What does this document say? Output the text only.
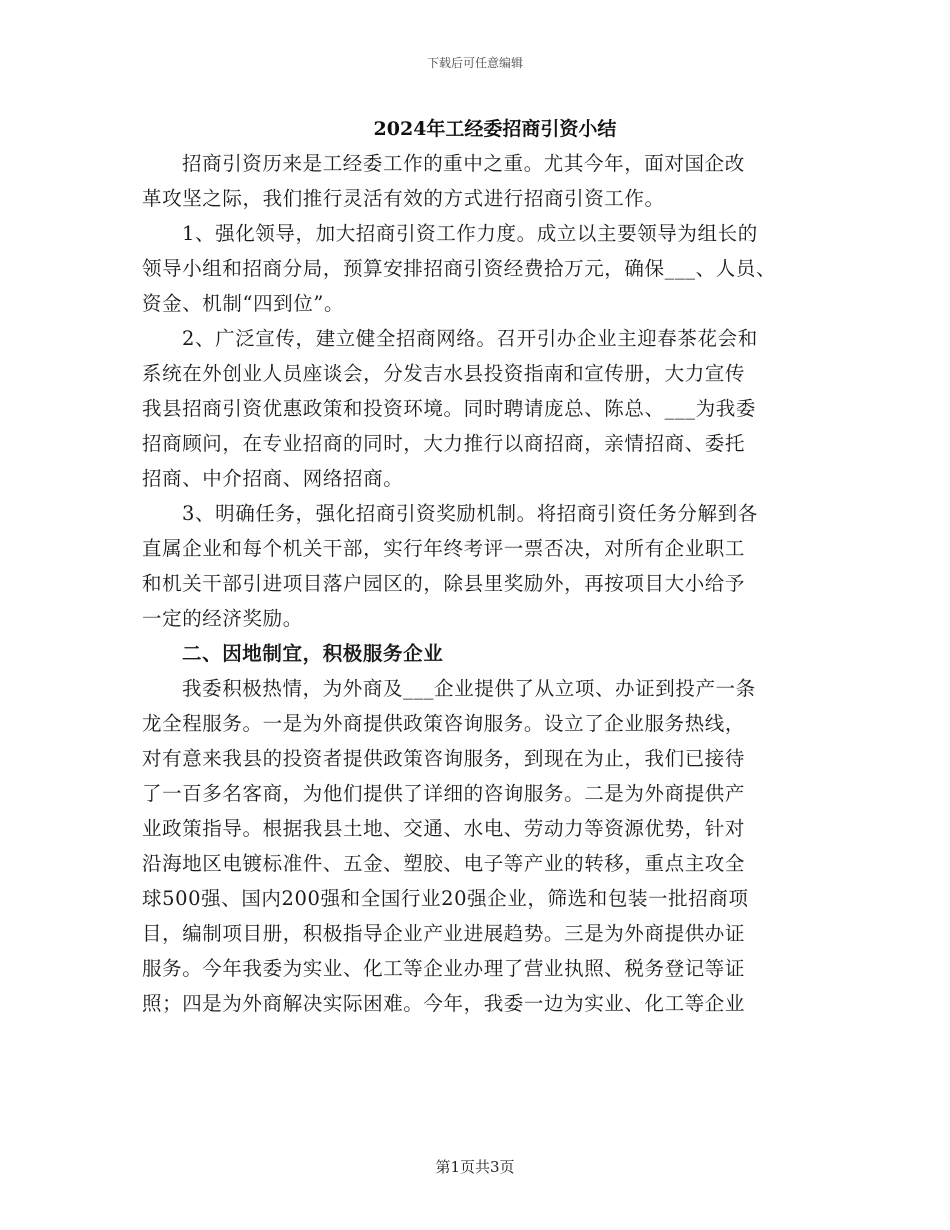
下载后可任意编辑
2024年工经委招商引资小结
招商引资历来是工经委工作的重中之重。尤其今年，面对国企改
革攻坚之际，我们推行灵活有效的方式进行招商引资工作。
1、强化领导，加大招商引资工作力度。成立以主要领导为组长的
领导小组和招商分局，预算安排招商引资经费拾万元，确保___、人员、
资金、机制“四到位”。
2、广泛宣传，建立健全招商网络。召开引办企业主迎春茶花会和
系统在外创业人员座谈会，分发吉水县投资指南和宣传册，大力宣传
我县招商引资优惠政策和投资环境。同时聘请庞总、陈总、___为我委
招商顾问，在专业招商的同时，大力推行以商招商，亲情招商、委托
招商、中介招商、网络招商。
3、明确任务，强化招商引资奖励机制。将招商引资任务分解到各
直属企业和每个机关干部，实行年终考评一票否决，对所有企业职工
和机关干部引进项目落户园区的，除县里奖励外，再按项目大小给予
一定的经济奖励。
二、因地制宜，积极服务企业
我委积极热情，为外商及___企业提供了从立项、办证到投产一条
龙全程服务。一是为外商提供政策咨询服务。设立了企业服务热线，
对有意来我县的投资者提供政策咨询服务，到现在为止，我们已接待
了一百多名客商，为他们提供了详细的咨询服务。二是为外商提供产
业政策指导。根据我县土地、交通、水电、劳动力等资源优势，针对
沿海地区电镀标准件、五金、塑胶、电子等产业的转移，重点主攻全
球500强、国内200强和全国行业20强企业，筛选和包装一批招商项
目，编制项目册，积极指导企业产业进展趋势。三是为外商提供办证
服务。今年我委为实业、化工等企业办理了营业执照、税务登记等证
照；四是为外商解决实际困难。今年，我委一边为实业、化工等企业
第1页共3页
